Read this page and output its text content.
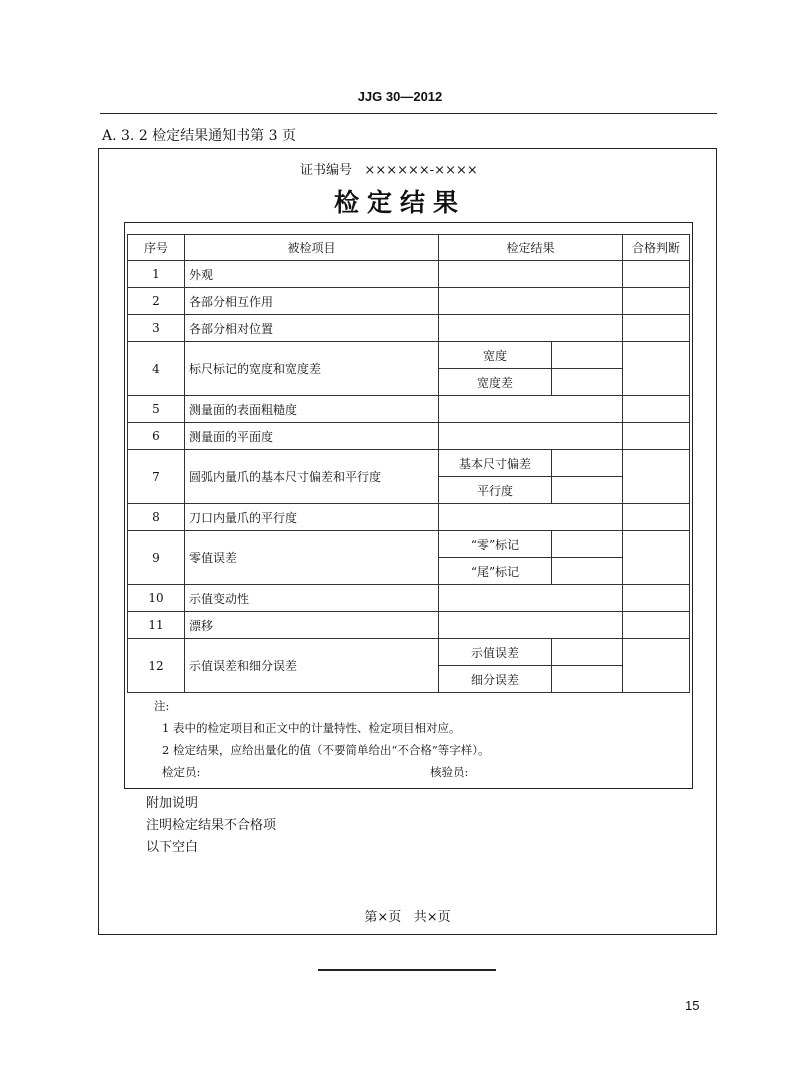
JJG 30—2012
A. 3. 2 检定结果通知书第 3 页
证书编号 ××××××-××××
检定结果
序号	被检项目	检定结果		合格判断
1	外观			
2	各部分相互作用			
3	各部分相对位置			
4	标尺标记的宽度和宽度差	宽度		
		宽度差		
5	测量面的表面粗糙度			
6	测量面的平面度			
7	圆弧内量爪的基本尺寸偏差和平行度	基本尺寸偏差		
		平行度		
8	刀口内量爪的平行度			
9	零值误差	“零”标记		
		“尾”标记		
10	示值变动性			
11	漂移			
12	示值误差和细分误差	示值误差		
		细分误差		
注:
1 表中的检定项目和正文中的计量特性、检定项目相对应。
2 检定结果，应给出量化的值（不要简单给出“不合格”等字样）。
检定员:	核验员:
附加说明
注明检定结果不合格项
以下空白
第×页   共×页
15
